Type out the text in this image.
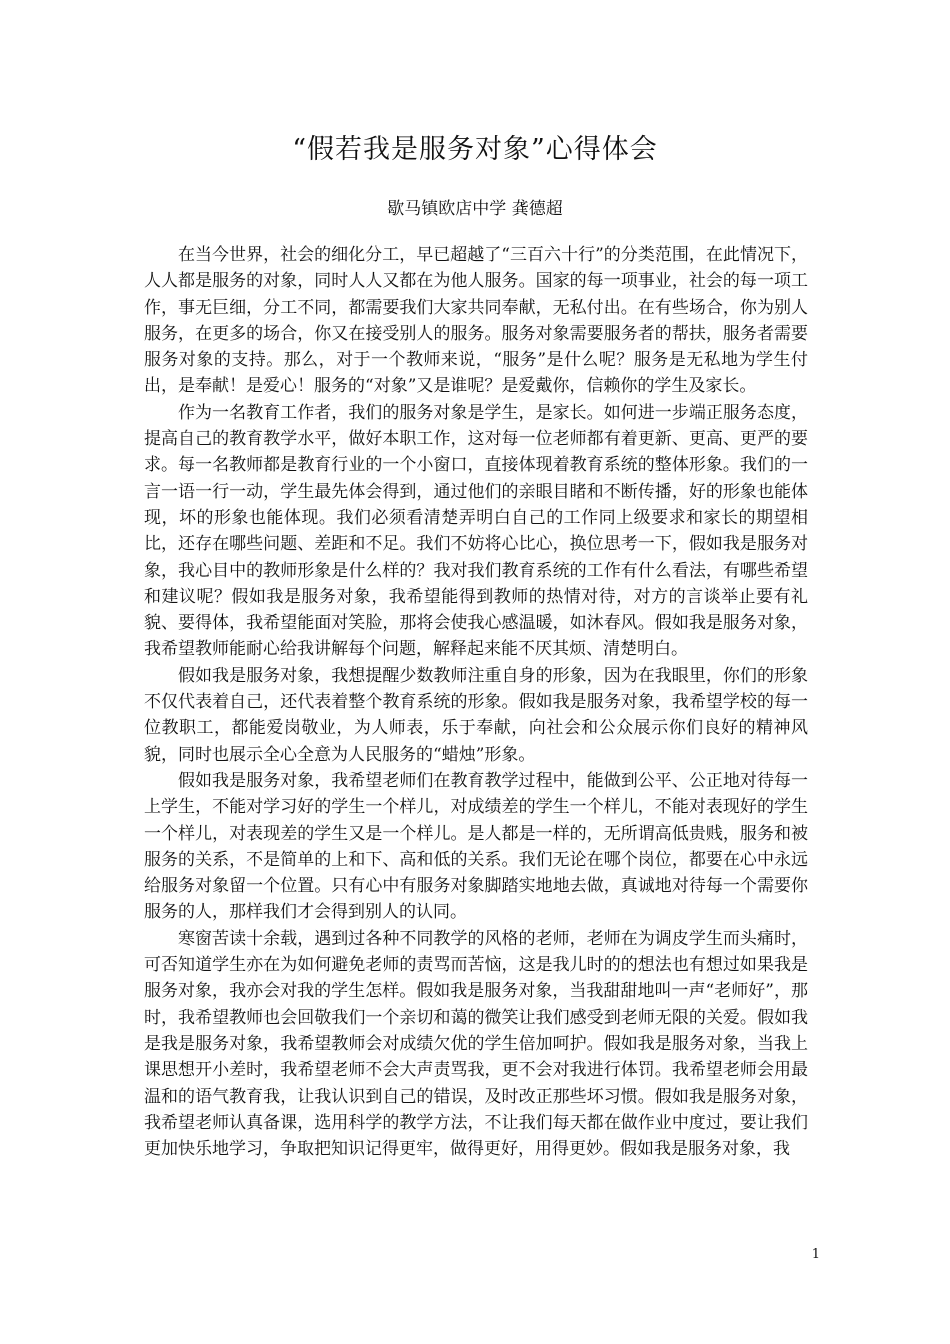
“假若我是服务对象”心得体会
歇马镇欧店中学 龚德超

在当今世界，社会的细化分工，早已超越了“三百六十行”的分类范围，在此情况下，人人都是服务的对象，同时人人又都在为他人服务。国家的每一项事业，社会的每一项工作，事无巨细，分工不同，都需要我们大家共同奉献，无私付出。在有些场合，你为别人服务，在更多的场合，你又在接受别人的服务。服务对象需要服务者的帮扶，服务者需要服务对象的支持。那么，对于一个教师来说，“服务”是什么呢？服务是无私地为学生付出，是奉献！是爱心！服务的“对象”又是谁呢？是爱戴你，信赖你的学生及家长。

作为一名教育工作者，我们的服务对象是学生，是家长。如何进一步端正服务态度，提高自己的教育教学水平，做好本职工作，这对每一位老师都有着更新、更高、更严的要求。每一名教师都是教育行业的一个小窗口，直接体现着教育系统的整体形象。我们的一言一语一行一动，学生最先体会得到，通过他们的亲眼目睹和不断传播，好的形象也能体现，坏的形象也能体现。我们必须看清楚弄明白自己的工作同上级要求和家长的期望相比，还存在哪些问题、差距和不足。我们不妨将心比心，换位思考一下，假如我是服务对象，我心目中的教师形象是什么样的？我对我们教育系统的工作有什么看法，有哪些希望和建议呢？假如我是服务对象，我希望能得到教师的热情对待，对方的言谈举止要有礼貌、要得体，我希望能面对笑脸，那将会使我心感温暖，如沐春风。假如我是服务对象，我希望教师能耐心给我讲解每个问题，解释起来能不厌其烦、清楚明白。

假如我是服务对象，我想提醒少数教师注重自身的形象，因为在我眼里，你们的形象不仅代表着自己，还代表着整个教育系统的形象。假如我是服务对象，我希望学校的每一位教职工，都能爱岗敬业，为人师表，乐于奉献，向社会和公众展示你们良好的精神风貌，同时也展示全心全意为人民服务的“蜡烛”形象。

假如我是服务对象，我希望老师们在教育教学过程中，能做到公平、公正地对待每一上学生，不能对学习好的学生一个样儿，对成绩差的学生一个样儿，不能对表现好的学生一个样儿，对表现差的学生又是一个样儿。是人都是一样的，无所谓高低贵贱，服务和被服务的关系，不是简单的上和下、高和低的关系。我们无论在哪个岗位，都要在心中永远给服务对象留一个位置。只有心中有服务对象脚踏实地地去做，真诚地对待每一个需要你服务的人，那样我们才会得到别人的认同。

寒窗苦读十余载，遇到过各种不同教学的风格的老师，老师在为调皮学生而头痛时，可否知道学生亦在为如何避免老师的责骂而苦恼，这是我儿时的的想法也有想过如果我是服务对象，我亦会对我的学生怎样。假如我是服务对象，当我甜甜地叫一声“老师好”，那时，我希望教师也会回敬我们一个亲切和蔼的微笑让我们感受到老师无限的关爱。假如我是我是服务对象，我希望教师会对成绩欠优的学生倍加呵护。假如我是服务对象，当我上课思想开小差时，我希望老师不会大声责骂我，更不会对我进行体罚。我希望老师会用最温和的语气教育我，让我认识到自己的错误，及时改正那些坏习惯。假如我是服务对象，我希望老师认真备课，选用科学的教学方法，不让我们每天都在做作业中度过，要让我们更加快乐地学习，争取把知识记得更牢，做得更好，用得更妙。假如我是服务对象，我

1
